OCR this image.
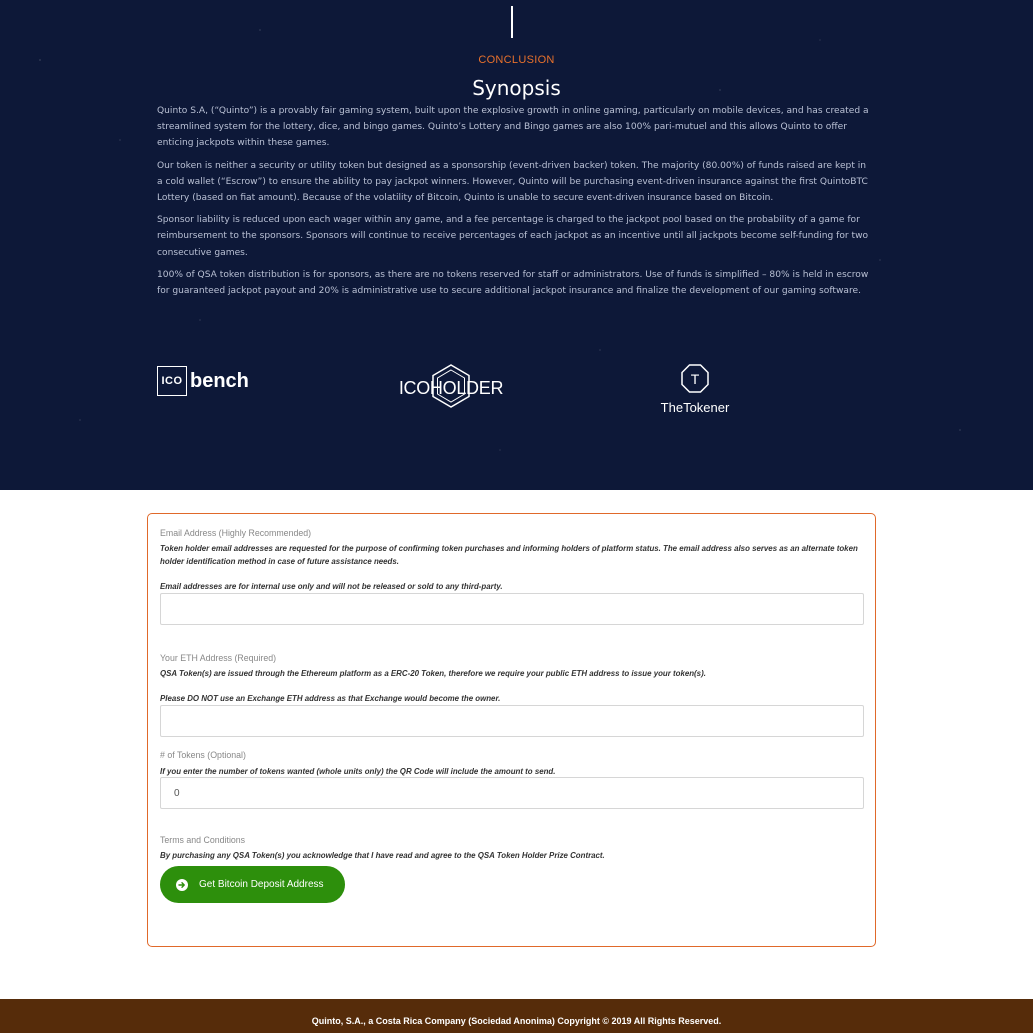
CONCLUSION
Synopsis

Quinto S.A, (“Quinto”) is a provably fair gaming system, built upon the explosive growth in online gaming, particularly on mobile devices, and has created a streamlined system for the lottery, dice, and bingo games. Quinto’s Lottery and Bingo games are also 100% pari-mutuel and this allows Quinto to offer enticing jackpots within these games.

Our token is neither a security or utility token but designed as a sponsorship (event-driven backer) token. The majority (80.00%) of funds raised are kept in a cold wallet (“Escrow”) to ensure the ability to pay jackpot winners. However, Quinto will be purchasing event-driven insurance against the first QuintoBTC Lottery (based on fiat amount). Because of the volatility of Bitcoin, Quinto is unable to secure event-driven insurance based on Bitcoin.

Sponsor liability is reduced upon each wager within any game, and a fee percentage is charged to the jackpot pool based on the probability of a game for reimbursement to the sponsors. Sponsors will continue to receive percentages of each jackpot as an incentive until all jackpots become self-funding for two consecutive games.

100% of QSA token distribution is for sponsors, as there are no tokens reserved for staff or administrators. Use of funds is simplified – 80% is held in escrow for guaranteed jackpot payout and 20% is administrative use to secure additional jackpot insurance and finalize the development of our gaming software.

ICO bench	ICOHOLDER	T
TheTokener
Email Address (Highly Recommended)
Token holder email addresses are requested for the purpose of confirming token purchases and informing holders of platform status. The email address also serves as an alternate token holder identification method in case of future assistance needs.
Email addresses are for internal use only and will not be released or sold to any third-party.
Your ETH Address (Required)
QSA Token(s) are issued through the Ethereum platform as a ERC-20 Token, therefore we require your public ETH address to issue your token(s).
Please DO NOT use an Exchange ETH address as that Exchange would become the owner.
# of Tokens (Optional)
If you enter the number of tokens wanted (whole units only) the QR Code will include the amount to send.
0
Terms and Conditions
By purchasing any QSA Token(s) you acknowledge that I have read and agree to the QSA Token Holder Prize Contract.
Get Bitcoin Deposit Address
Quinto, S.A., a Costa Rica Company (Sociedad Anonima) Copyright © 2019 All Rights Reserved.
